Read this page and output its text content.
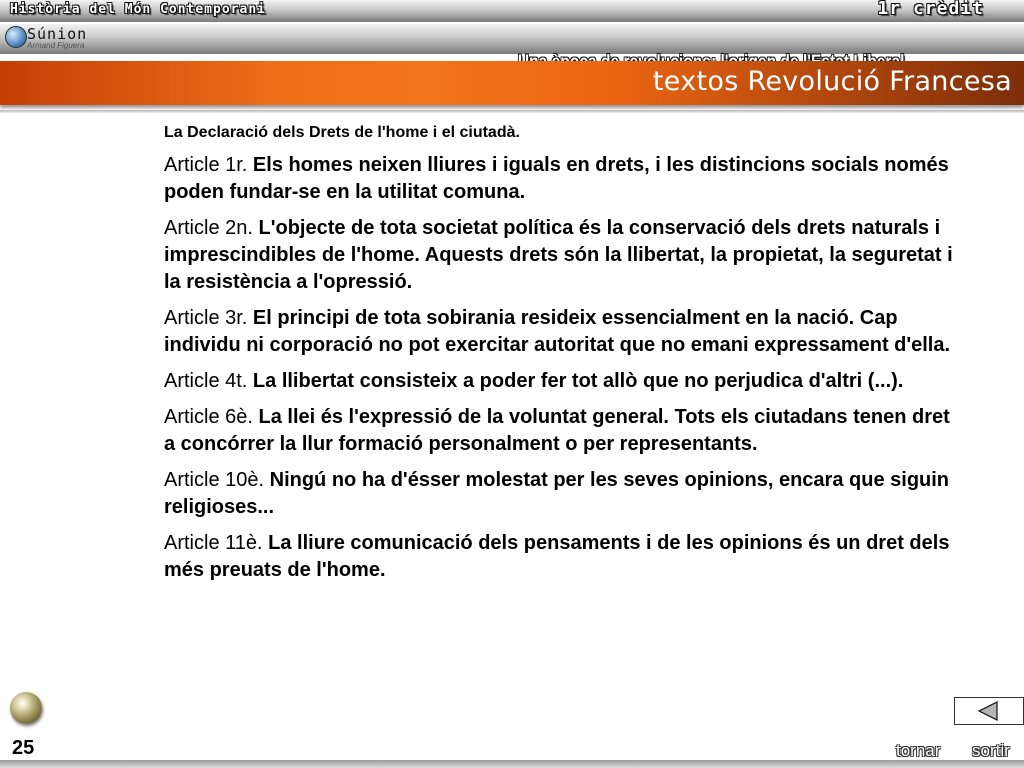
Història del Món Contemporani	1r crèdit
Súnion
Armand Figuera
textos Revolució Francesa

La Declaració dels Drets de l'home i el ciutadà.

Article 1r. Els homes neixen lliures i iguals en drets, i les distincions socials només poden fundar-se en la utilitat comuna.

Article 2n. L'objecte de tota societat política és la conservació dels drets naturals i imprescindibles de l'home. Aquests drets són la llibertat, la propietat, la seguretat i la resistència a l'opressió.

Article 3r. El principi de tota sobirania resideix essencialment en la nació. Cap individu ni corporació no pot exercitar autoritat que no emani expressament d'ella.

Article 4t. La llibertat consisteix a poder fer tot allò que no perjudica d'altri (...).

Article 6è. La llei és l'expressió de la voluntat general. Tots els ciutadans tenen dret a concórrer la llur formació personalment o per representants.

Article 10è. Ningú no ha d'ésser molestat per les seves opinions, encara que siguin religioses...

Article 11è. La lliure comunicació dels pensaments i de les opinions és un dret dels més preuats de l'home.

25	tornar sortir
